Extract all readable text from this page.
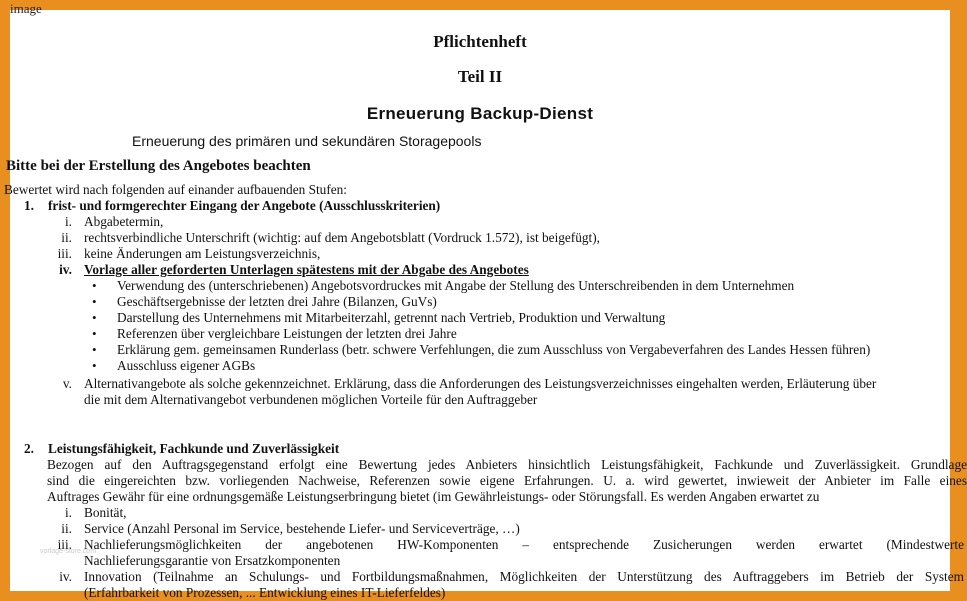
image
Pflichtenheft
Teil II
Erneuerung Backup-Dienst
Erneuerung des primären und sekundären Storagepools
Bitte bei der Erstellung des Angebotes beachten
Bewertet wird nach folgenden auf einander aufbauenden Stufen:
1. frist- und formgerechter Eingang der Angebote (Ausschlusskriterien)
i. Abgabetermin,
ii. rechtsverbindliche Unterschrift (wichtig: auf dem Angebotsblatt (Vordruck 1.572), ist beigefügt),
iii. keine Änderungen am Leistungsverzeichnis,
iv. Vorlage aller geforderten Unterlagen spätestens mit der Abgabe des Angebotes
• Verwendung des (unterschriebenen) Angebotsvordruckes mit Angabe der Stellung des Unterschreibenden in dem Unternehmen
• Geschäftsergebnisse der letzten drei Jahre (Bilanzen, GuVs)
• Darstellung des Unternehmens mit Mitarbeiterzahl, getrennt nach Vertrieb, Produktion und Verwaltung
• Referenzen über vergleichbare Leistungen der letzten drei Jahre
• Erklärung gem. gemeinsamen Runderlass (betr. schwere Verfehlungen, die zum Ausschluss von Vergabeverfahren des Landes Hessen führen)
• Ausschluss eigener AGBs
v. Alternativangebote als solche gekennzeichnet. Erklärung, dass die Anforderungen des Leistungsverzeichnisses eingehalten werden, Erläuterung über
die mit dem Alternativangebot verbundenen möglichen Vorteile für den Auftraggeber
2. Leistungsfähigkeit, Fachkunde und Zuverlässigkeit
Bezogen auf den Auftragsgegenstand erfolgt eine Bewertung jedes Anbieters hinsichtlich Leistungsfähigkeit, Fachkunde und Zuverlässigkeit. Grundlage
sind die eingereichten bzw. vorliegenden Nachweise, Referenzen sowie eigene Erfahrungen. U. a. wird gewertet, inwieweit der Anbieter im Falle eines
Auftrages Gewähr für eine ordnungsgemäße Leistungserbringung bietet (im Gewährleistungs- oder Störungsfall. Es werden Angaben erwartet zu
i. Bonität,
ii. Service (Anzahl Personal im Service, bestehende Liefer- und Serviceverträge, …)
iii. Nachlieferungsmöglichkeiten der angebotenen HW-Komponenten – entsprechende Zusicherungen werden erwartet (Mindestwerte
Nachlieferungsgarantie von Ersatzkomponenten
iv. Innovation (Teilnahme an Schulungs- und Fortbildungsmaßnahmen, Möglichkeiten der Unterstützung des Auftraggebers im Betrieb der System
(Erfahrbarkeit von Prozessen, ... Entwicklung eines IT-Lieferfeldes)
vorlage-store.com
